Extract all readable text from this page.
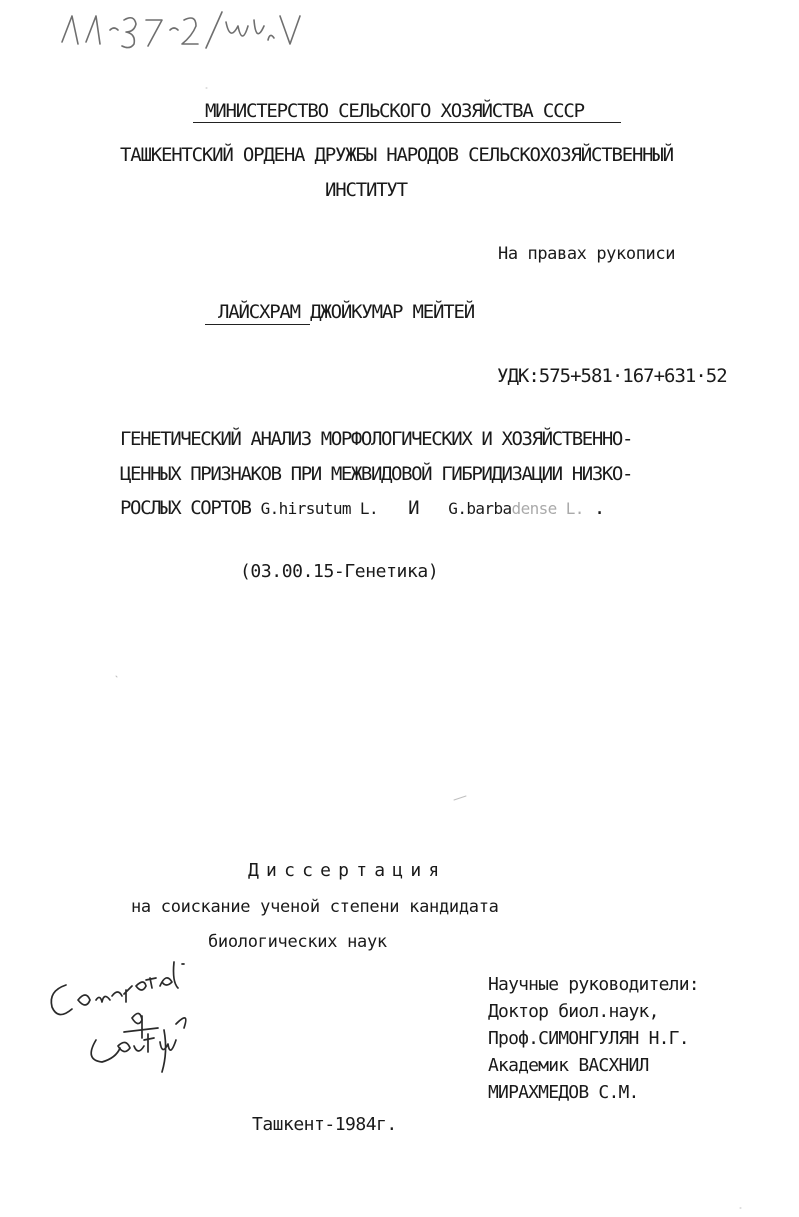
МИНИСТЕРСТВО СЕЛЬСКОГО ХОЗЯЙСТВА СССР
ТАШКЕНТСКИЙ ОРДЕНА ДРУЖБЫ НАРОДОВ СЕЛЬСКОХОЗЯЙСТВЕННЫЙ
ИНСТИТУТ
На правах рукописи
ЛАЙСХРАМ ДЖОЙКУМАР МЕЙТЕЙ
УДК:575+581·167+631·52
ГЕНЕТИЧЕСКИЙ АНАЛИЗ МОРФОЛОГИЧЕСКИХ И ХОЗЯЙСТВЕННО-
ЦЕННЫХ ПРИЗНАКОВ ПРИ МЕЖВИДОВОЙ ГИБРИДИЗАЦИИ НИЗКО-
РОСЛЫХ СОРТОВ G.hirsutum L. И G.barbadense L. .
(03.00.15-Генетика)
Диссертация
на соискание ученой степени кандидата
биологических наук
Научные руководители:
Доктор биол.наук,
Проф.СИМОНГУЛЯН Н.Г.
Академик ВАСХНИЛ
МИРАХМЕДОВ С.М.
Ташкент-1984г.
